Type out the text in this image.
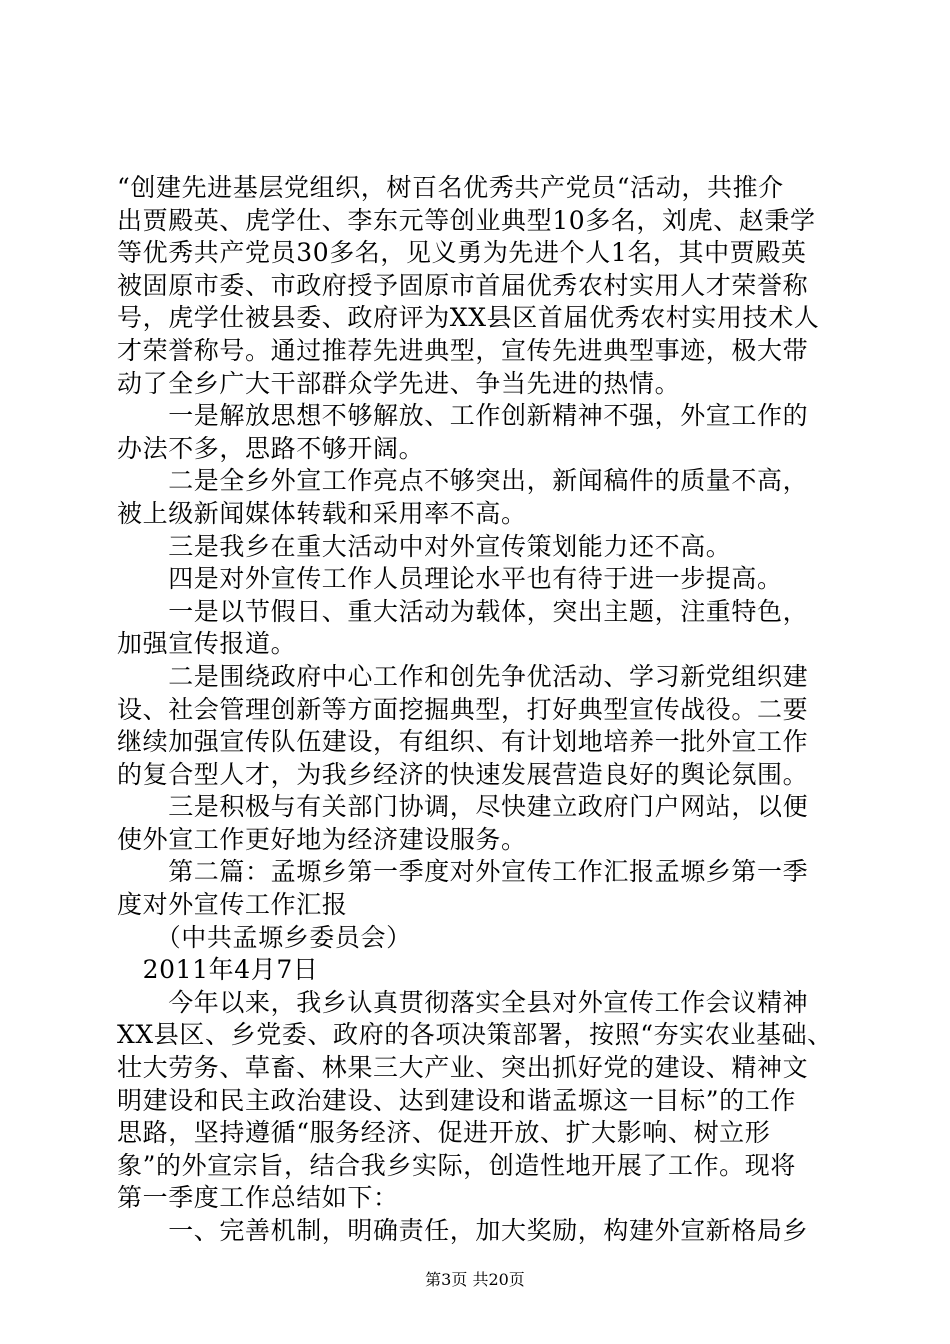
“创建先进基层党组织，树百名优秀共产党员“活动，共推介
出贾殿英、虎学仕、李东元等创业典型10多名，刘虎、赵秉学
等优秀共产党员30多名，见义勇为先进个人1名，其中贾殿英
被固原市委、市政府授予固原市首届优秀农村实用人才荣誉称
号，虎学仕被县委、政府评为XX县区首届优秀农村实用技术人
才荣誉称号。通过推荐先进典型，宣传先进典型事迹，极大带
动了全乡广大干部群众学先进、争当先进的热情。
　　一是解放思想不够解放、工作创新精神不强，外宣工作的
办法不多，思路不够开阔。
　　二是全乡外宣工作亮点不够突出，新闻稿件的质量不高，
被上级新闻媒体转载和采用率不高。
　　三是我乡在重大活动中对外宣传策划能力还不高。
　　四是对外宣传工作人员理论水平也有待于进一步提高。
　　一是以节假日、重大活动为载体，突出主题，注重特色，
加强宣传报道。
　　二是围绕政府中心工作和创先争优活动、学习新党组织建
设、社会管理创新等方面挖掘典型，打好典型宣传战役。二要
继续加强宣传队伍建设，有组织、有计划地培养一批外宣工作
的复合型人才，为我乡经济的快速发展营造良好的舆论氛围。
　　三是积极与有关部门协调，尽快建立政府门户网站，以便
使外宣工作更好地为经济建设服务。
　　第二篇：孟塬乡第一季度对外宣传工作汇报孟塬乡第一季
度对外宣传工作汇报
　　（中共孟塬乡委员会）
　2011年4月7日
　　今年以来，我乡认真贯彻落实全县对外宣传工作会议精神
XX县区、乡党委、政府的各项决策部署，按照“夯实农业基础、
壮大劳务、草畜、林果三大产业、突出抓好党的建设、精神文
明建设和民主政治建设、达到建设和谐孟塬这一目标”的工作
思路，坚持遵循“服务经济、促进开放、扩大影响、树立形
象”的外宣宗旨，结合我乡实际，创造性地开展了工作。现将
第一季度工作总结如下：
　　一、完善机制，明确责任，加大奖励，构建外宣新格局乡
第3页 共20页
